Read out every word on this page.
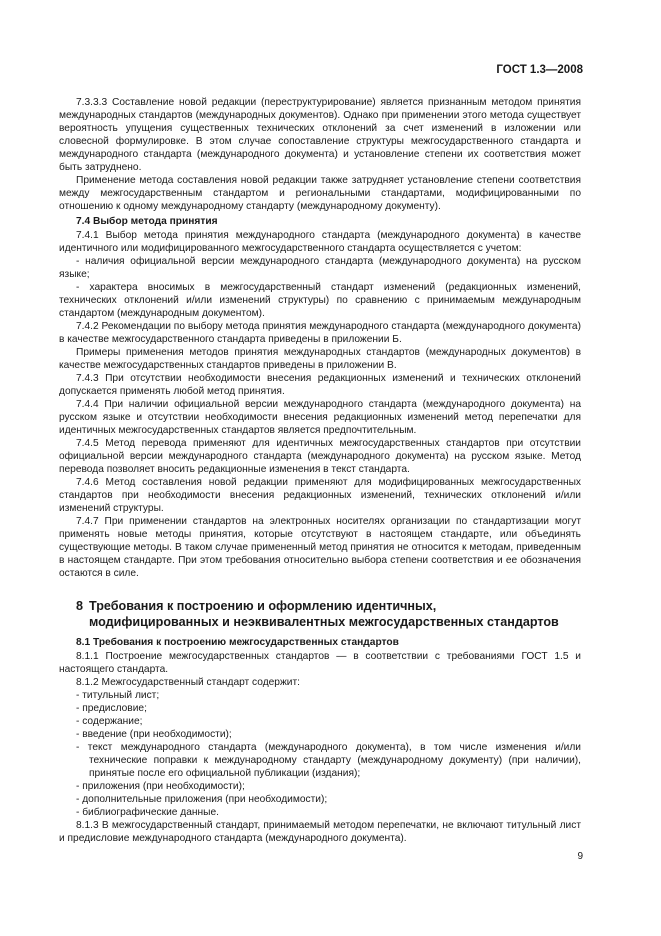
ГОСТ 1.3—2008

7.3.3.3 Составление новой редакции (переструктурирование) является признанным методом принятия международных стандартов (международных документов). Однако при применении этого метода существует вероятность упущения существенных технических отклонений за счет изменений в изложении или словесной формулировке. В этом случае сопоставление структуры межгосударственного стандарта и международного стандарта (международного документа) и установление степени их соответствия может быть затруднено.

Применение метода составления новой редакции также затрудняет установление степени соответствия между межгосударственным стандартом и региональными стандартами, модифицированными по отношению к одному международному стандарту (международному документу).

7.4 Выбор метода принятия

7.4.1 Выбор метода принятия международного стандарта (международного документа) в качестве идентичного или модифицированного межгосударственного стандарта осуществляется с учетом:

- наличия официальной версии международного стандарта (международного документа) на русском языке;

- характера вносимых в межгосударственный стандарт изменений (редакционных изменений, технических отклонений и/или изменений структуры) по сравнению с принимаемым международным стандартом (международным документом).

7.4.2 Рекомендации по выбору метода принятия международного стандарта (международного документа) в качестве межгосударственного стандарта приведены в приложении Б.

Примеры применения методов принятия международных стандартов (международных документов) в качестве межгосударственных стандартов приведены в приложении В.

7.4.3 При отсутствии необходимости внесения редакционных изменений и технических отклонений допускается применять любой метод принятия.

7.4.4 При наличии официальной версии международного стандарта (международного документа) на русском языке и отсутствии необходимости внесения редакционных изменений метод перепечатки для идентичных межгосударственных стандартов является предпочтительным.

7.4.5 Метод перевода применяют для идентичных межгосударственных стандартов при отсутствии официальной версии международного стандарта (международного документа) на русском языке. Метод перевода позволяет вносить редакционные изменения в текст стандарта.

7.4.6 Метод составления новой редакции применяют для модифицированных межгосударственных стандартов при необходимости внесения редакционных изменений, технических отклонений и/или изменений структуры.

7.4.7 При применении стандартов на электронных носителях организации по стандартизации могут применять новые методы принятия, которые отсутствуют в настоящем стандарте, или объединять существующие методы. В таком случае примененный метод принятия не относится к методам, приведенным в настоящем стандарте. При этом требования относительно выбора степени соответствия и ее обозначения остаются в силе.

8 Требования к построению и оформлению идентичных,
модифицированных и неэквивалентных межгосударственных стандартов

8.1 Требования к построению межгосударственных стандартов

8.1.1 Построение межгосударственных стандартов — в соответствии с требованиями ГОСТ 1.5 и настоящего стандарта.

8.1.2 Межгосударственный стандарт содержит:

- титульный лист;

- предисловие;

- содержание;

- введение (при необходимости);

- текст международного стандарта (международного документа), в том числе изменения и/или технические поправки к международному стандарту (международному документу) (при наличии), принятые после его официальной публикации (издания);

- приложения (при необходимости);

- дополнительные приложения (при необходимости);

- библиографические данные.

8.1.3 В межгосударственный стандарт, принимаемый методом перепечатки, не включают титульный лист и предисловие международного стандарта (международного документа).

9
